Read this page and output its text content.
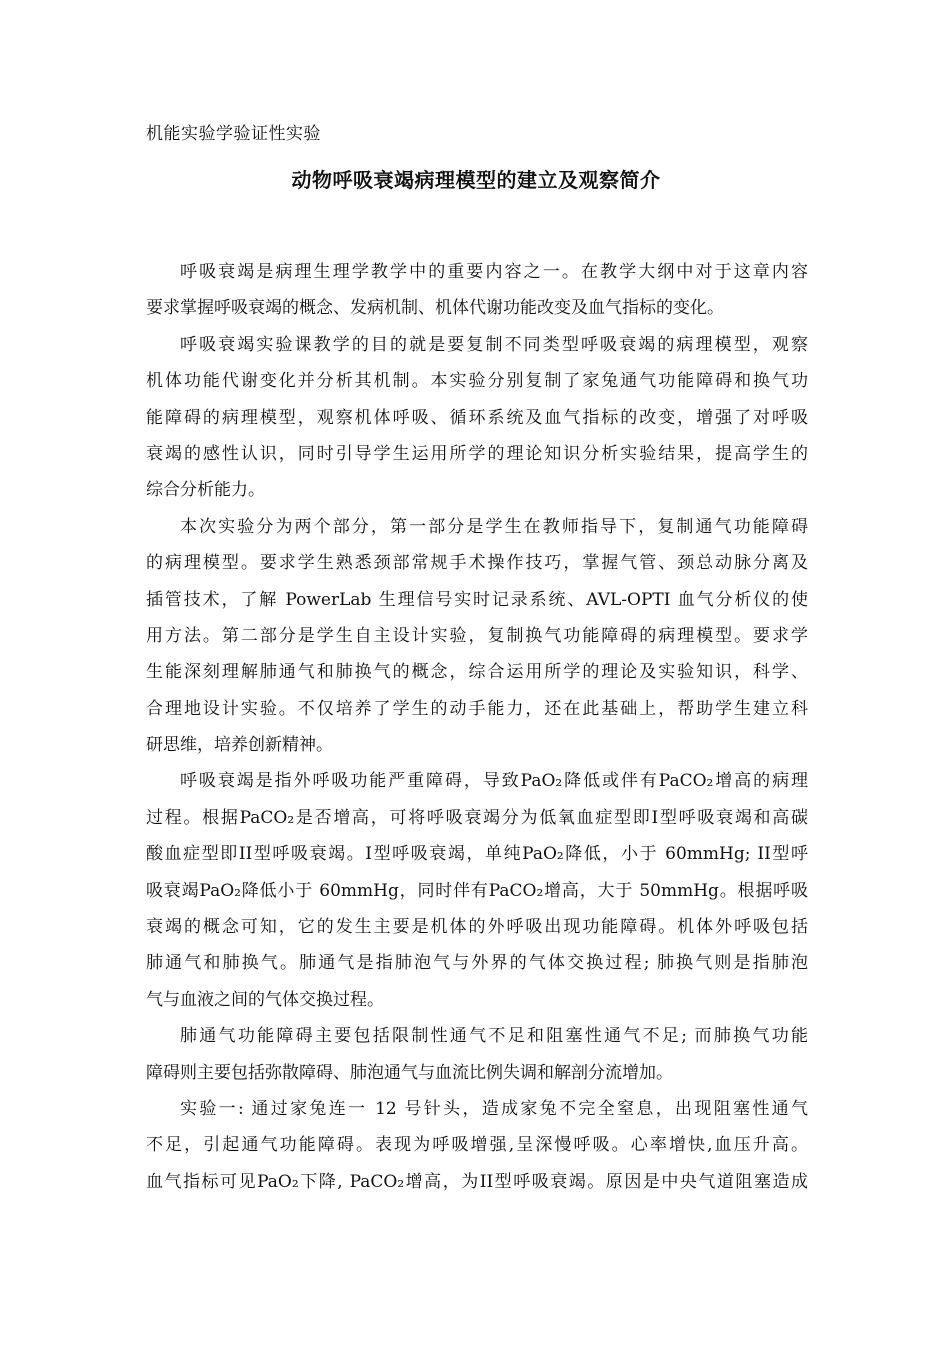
机能实验学验证性实验
动物呼吸衰竭病理模型的建立及观察简介
呼吸衰竭是病理生理学教学中的重要内容之一。在教学大纲中对于这章内容
要求掌握呼吸衰竭的概念、发病机制、机体代谢功能改变及血气指标的变化。
呼吸衰竭实验课教学的目的就是要复制不同类型呼吸衰竭的病理模型，观察
机体功能代谢变化并分析其机制。本实验分别复制了家兔通气功能障碍和换气功
能障碍的病理模型，观察机体呼吸、循环系统及血气指标的改变，增强了对呼吸
衰竭的感性认识，同时引导学生运用所学的理论知识分析实验结果，提高学生的
综合分析能力。
本次实验分为两个部分，第一部分是学生在教师指导下，复制通气功能障碍
的病理模型。要求学生熟悉颈部常规手术操作技巧，掌握气管、颈总动脉分离及
插管技术，了解 PowerLab 生理信号实时记录系统、AVL-OPTI 血气分析仪的使
用方法。第二部分是学生自主设计实验，复制换气功能障碍的病理模型。要求学
生能深刻理解肺通气和肺换气的概念，综合运用所学的理论及实验知识，科学、
合理地设计实验。不仅培养了学生的动手能力，还在此基础上，帮助学生建立科
研思维，培养创新精神。
呼吸衰竭是指外呼吸功能严重障碍，导致PaO₂降低或伴有PaCO₂增高的病理
过程。根据PaCO₂是否增高，可将呼吸衰竭分为低氧血症型即I型呼吸衰竭和高碳
酸血症型即II型呼吸衰竭。I型呼吸衰竭，单纯PaO₂降低，小于 60mmHg; II型呼
吸衰竭PaO₂降低小于 60mmHg，同时伴有PaCO₂增高，大于 50mmHg。根据呼吸
衰竭的概念可知，它的发生主要是机体的外呼吸出现功能障碍。机体外呼吸包括
肺通气和肺换气。肺通气是指肺泡气与外界的气体交换过程; 肺换气则是指肺泡
气与血液之间的气体交换过程。
肺通气功能障碍主要包括限制性通气不足和阻塞性通气不足; 而肺换气功能
障碍则主要包括弥散障碍、肺泡通气与血流比例失调和解剖分流增加。
实验一: 通过家兔连一 12 号针头，造成家兔不完全窒息，出现阻塞性通气
不足，引起通气功能障碍。表现为呼吸增强,呈深慢呼吸。心率增快,血压升高。
血气指标可见PaO₂下降, PaCO₂增高，为II型呼吸衰竭。原因是中央气道阻塞造成
